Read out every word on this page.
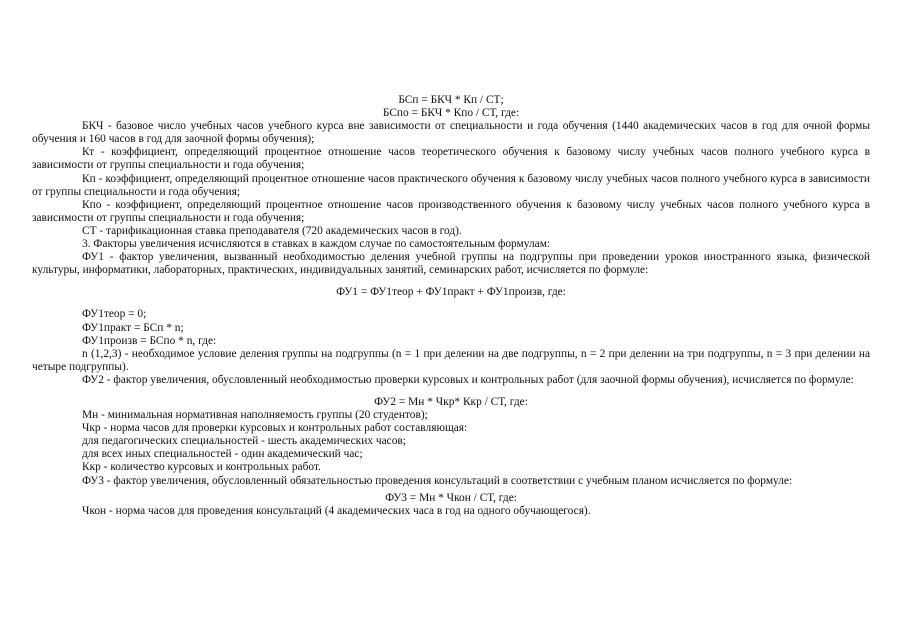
БСп = БКЧ * Кп / СТ;

БСпо = БКЧ * Кпо / СТ, где:

БКЧ - базовое число учебных часов учебного курса вне зависимости от специальности и года обучения (1440 академических часов в год для очной формы обучения и 160 часов в год для заочной формы обучения);

Кт - коэффициент, определяющий процентное отношение часов теоретического обучения к базовому числу учебных часов полного учебного курса в зависимости от группы специальности и года обучения;

Кп - коэффициент, определяющий процентное отношение часов практического обучения к базовому числу учебных часов полного учебного курса в зависимости от группы специальности и года обучения;

Кпо - коэффициент, определяющий процентное отношение часов производственного обучения к базовому числу учебных часов полного учебного курса в зависимости от группы специальности и года обучения;

СТ - тарификационная ставка преподавателя (720 академических часов в год).

3. Факторы увеличения исчисляются в ставках в каждом случае по самостоятельным формулам:

ФУ1 - фактор увеличения, вызванный необходимостью деления учебной группы на подгруппы при проведении уроков иностранного языка, физической культуры, информатики, лабораторных, практических, индивидуальных занятий, семинарских работ, исчисляется по формуле:

ФУ1 = ФУ1теор + ФУ1практ + ФУ1произв, где:

ФУ1теор = 0;

ФУ1практ = БСп * n;

ФУ1произв = БСпо * n, где:

n (1,2,3) - необходимое условие деления группы на подгруппы (n = 1 при делении на две подгруппы, n = 2 при делении на три подгруппы, n = 3 при делении на четыре подгруппы).

ФУ2 - фактор увеличения, обусловленный необходимостью проверки курсовых и контрольных работ (для заочной формы обучения), исчисляется по формуле:

ФУ2 = Мн * Чкр* Ккр / СТ, где:

Мн - минимальная нормативная наполняемость группы (20 студентов);

Чкр - норма часов для проверки курсовых и контрольных работ составляющая:

для педагогических специальностей - шесть академических часов;

для всех иных специальностей - один академический час;

Ккр - количество курсовых и контрольных работ.

ФУ3 - фактор увеличения, обусловленный обязательностью проведения консультаций в соответствии с учебным планом исчисляется по формуле:

ФУ3 = Мн * Чкон / СТ, где:

Чкон - норма часов для проведения консультаций (4 академических часа в год на одного обучающегося).
